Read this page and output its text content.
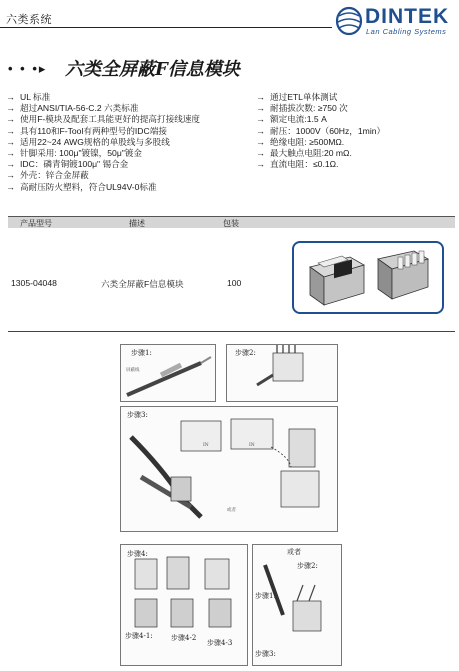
六类系统	DINTEK
Lan Cabling Systems
• • •▸ 六类全屏蔽F信息模块
→ UL 标准
→ 超过ANSI/TIA-56-C.2 六类标准
→ 使用F-模块及配套工具能更好的提高打接线速度
→ 具有110和F-Tool有两种型号的IDC端接
→ 适用22~24 AWG规格的单股线与多股线
→ 针脚采用: 100μ"镀镍，50μ"镀金
→ IDC：磷青铜镀100μ" 锡合金
→ 外壳：锌合金屏蔽
→ 高耐压防火塑料，符合UL94V-0标准
→ 通过ETL单体测试
→ 耐插拔次数: ≥750 次
→ 额定电流:1.5 A
→ 耐压：1000V（60Hz，1min）
→ 绝缘电阻: ≥500MΩ.
→ 最大触点电阻:20 mΩ.
→ 直流电阻：≤0.1Ω.
产品型号	描述	包装
1305-04048	六类全屏蔽F信息模块	100
步骤1:
屏蔽线
步骤2:
步骤3:
IN	IN
或者
步骤4:
步骤4-1:	步骤4-2
步骤4-3
或者
步骤2:
步骤1:
步骤3:
